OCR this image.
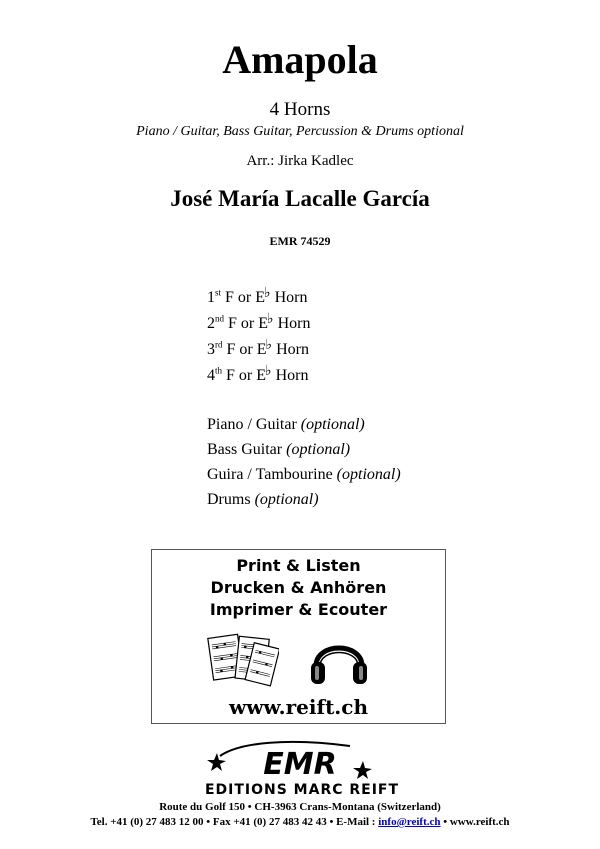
Amapola
4 Horns
Piano / Guitar, Bass Guitar, Percussion & Drums optional
Arr.: Jirka Kadlec
José María Lacalle García
EMR 74529
1st F or E♭ Horn
2nd F or E♭ Horn
3rd F or E♭ Horn
4th F or E♭ Horn
Piano / Guitar (optional)
Bass Guitar (optional)
Guira / Tambourine (optional)
Drums (optional)
Print & Listen
Drucken & Anhören
Imprimer & Ecouter
www.reift.ch
EMR
EDITIONS MARC REIFT
Route du Golf 150 • CH-3963 Crans-Montana (Switzerland)
Tel. +41 (0) 27 483 12 00 • Fax +41 (0) 27 483 42 43 • E-Mail : info@reift.ch • www.reift.ch
